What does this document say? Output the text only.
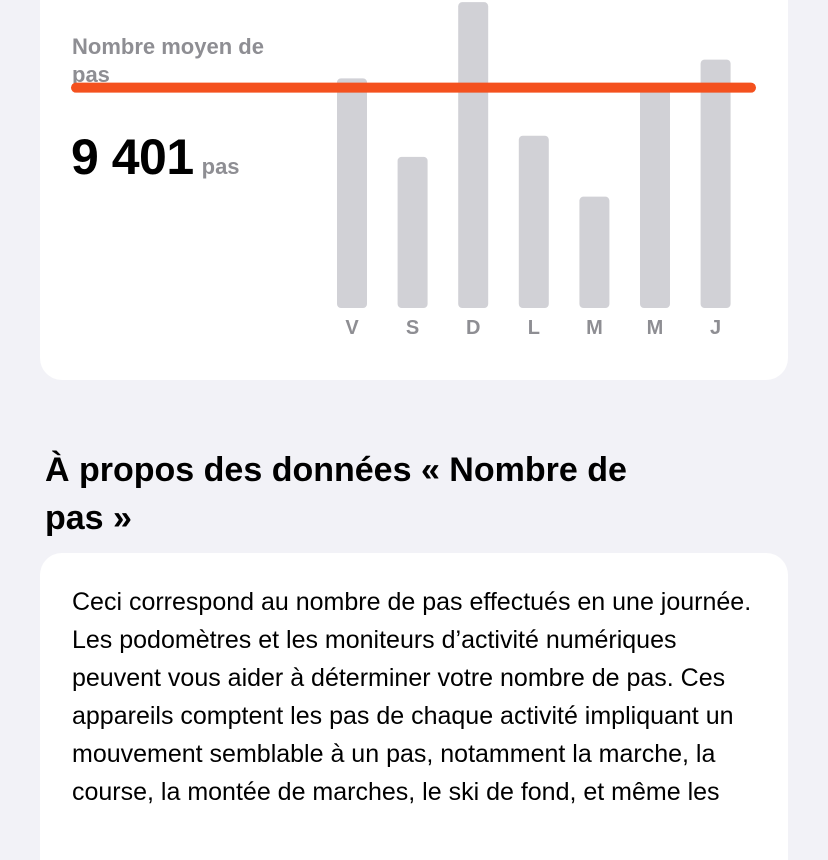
Nombre moyen de pas
9 401 pas
V S D L M M J
À propos des données « Nombre de pas »

Ceci correspond au nombre de pas effectués en une journée. Les podomètres et les moniteurs d’activité numériques peuvent vous aider à déterminer votre nombre de pas. Ces appareils comptent les pas de chaque activité impliquant un mouvement semblable à un pas, notamment la marche, la course, la montée de marches, le ski de fond, et même les
